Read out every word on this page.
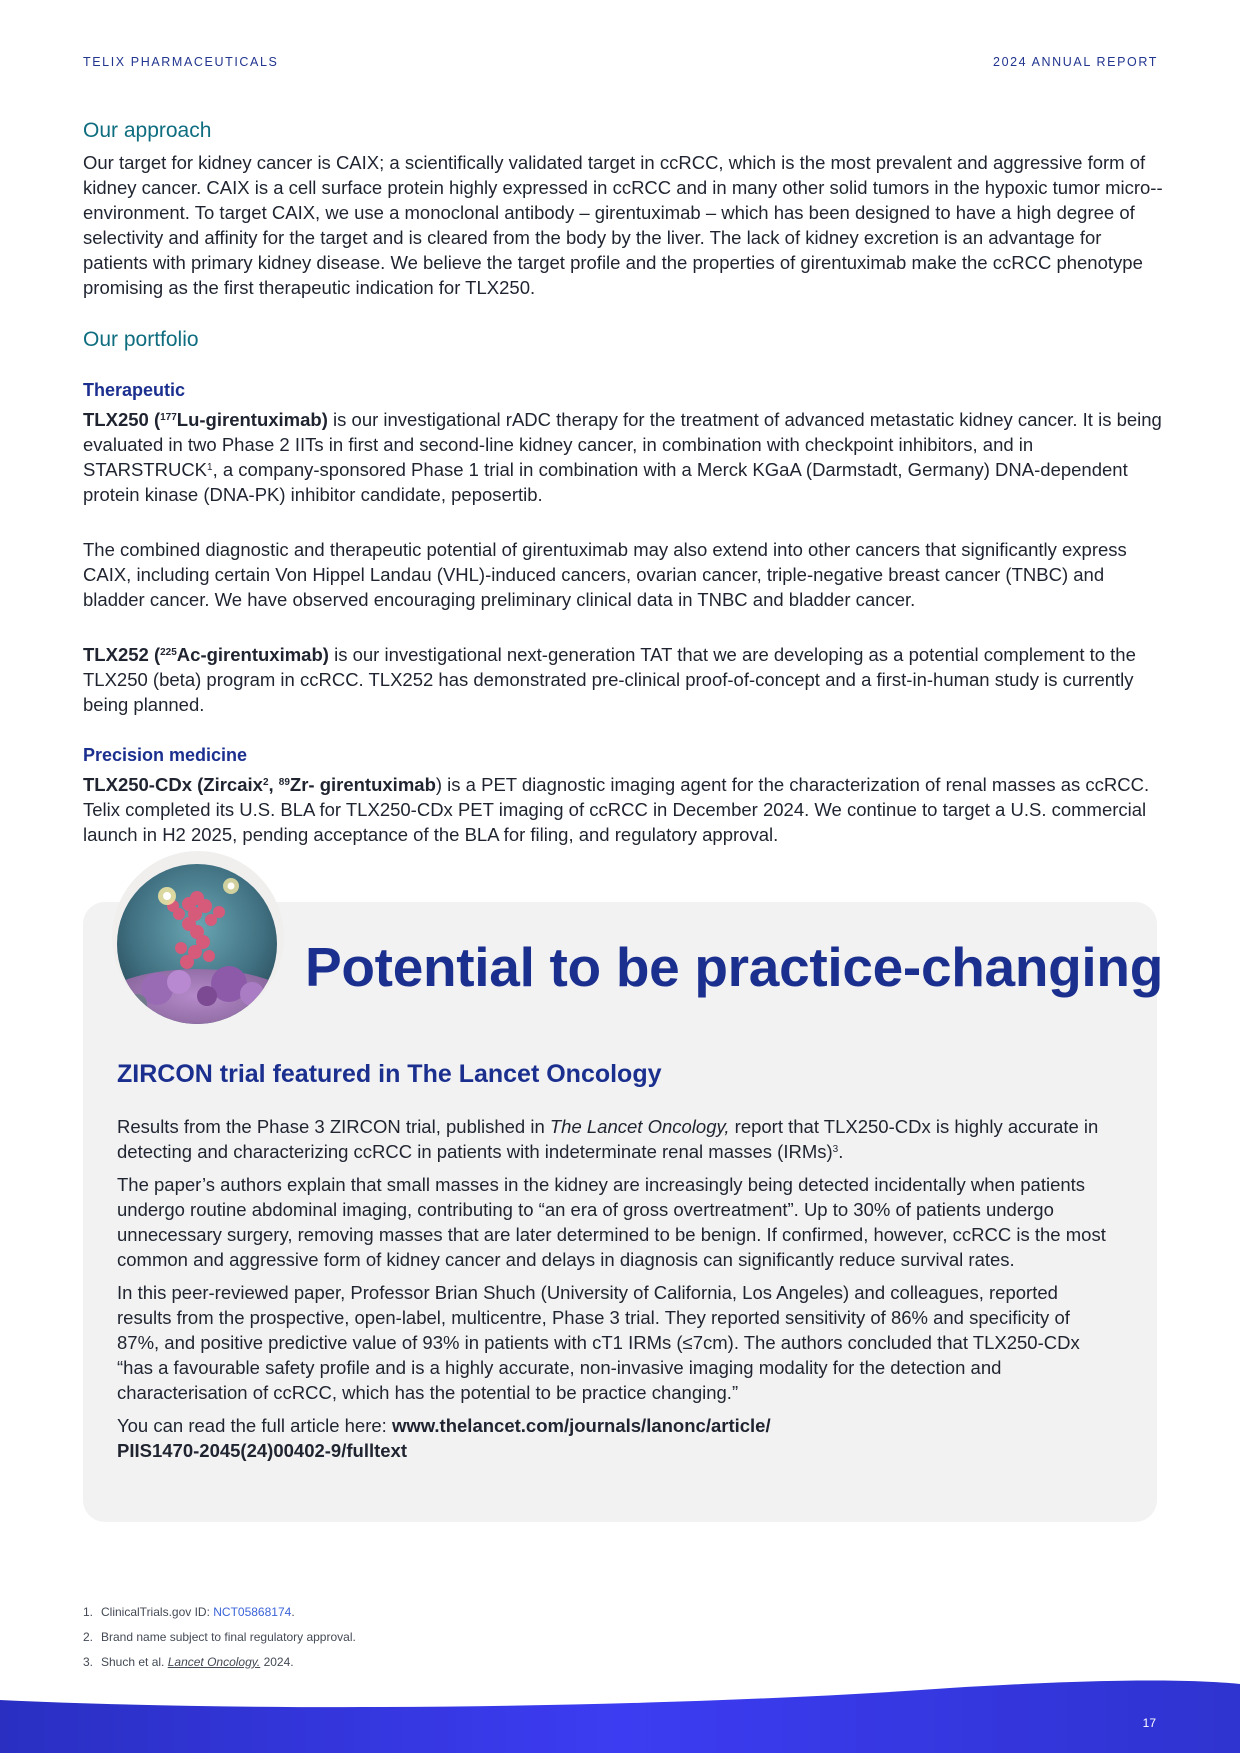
TELIX PHARMACEUTICALS	2024 ANNUAL REPORT
Our approach

Our target for kidney cancer is CAIX; a scientifically validated target in ccRCC, which is the most prevalent and aggressive form of kidney cancer. CAIX is a cell surface protein highly expressed in ccRCC and in many other solid tumors in the hypoxic tumor micro--environment. To target CAIX, we use a monoclonal antibody – girentuximab – which has been designed to have a high degree of selectivity and affinity for the target and is cleared from the body by the liver. The lack of kidney excretion is an advantage for patients with primary kidney disease. We believe the target profile and the properties of girentuximab make the ccRCC phenotype promising as the first therapeutic indication for TLX250.

Our portfolio
Therapeutic

TLX250 ($^{177}$Lu-girentuximab) is our investigational rADC therapy for the treatment of advanced metastatic kidney cancer. It is being evaluated in two Phase 2 IITs in first and second-line kidney cancer, in combination with checkpoint inhibitors, and in STARSTRUCK$^1$, a company-sponsored Phase 1 trial in combination with a Merck KGaA (Darmstadt, Germany) DNA-dependent protein kinase (DNA-PK) inhibitor candidate, peposertib.

The combined diagnostic and therapeutic potential of girentuximab may also extend into other cancers that significantly express CAIX, including certain Von Hippel Landau (VHL)-induced cancers, ovarian cancer, triple-negative breast cancer (TNBC) and bladder cancer. We have observed encouraging preliminary clinical data in TNBC and bladder cancer.

TLX252 ($^{225}$Ac-girentuximab) is our investigational next-generation TAT that we are developing as a potential complement to the TLX250 (beta) program in ccRCC. TLX252 has demonstrated pre-clinical proof-of-concept and a first-in-human study is currently being planned.

Precision medicine

TLX250-CDx (Zircaix$^2$, $^{89}$Zr- girentuximab) is a PET diagnostic imaging agent for the characterization of renal masses as ccRCC. Telix completed its U.S. BLA for TLX250-CDx PET imaging of ccRCC in December 2024. We continue to target a U.S. commercial launch in H2 2025, pending acceptance of the BLA for filing, and regulatory approval.

Potential to be practice-changing
ZIRCON trial featured in The Lancet Oncology

Results from the Phase 3 ZIRCON trial, published in The Lancet Oncology, report that TLX250-CDx is highly accurate in detecting and characterizing ccRCC in patients with indeterminate renal masses (IRMs)$^3$.

The paper’s authors explain that small masses in the kidney are increasingly being detected incidentally when patients undergo routine abdominal imaging, contributing to “an era of gross overtreatment”. Up to 30% of patients undergo unnecessary surgery, removing masses that are later determined to be benign. If confirmed, however, ccRCC is the most common and aggressive form of kidney cancer and delays in diagnosis can significantly reduce survival rates.

In this peer-reviewed paper, Professor Brian Shuch (University of California, Los Angeles) and colleagues, reported results from the prospective, open-label, multicentre, Phase 3 trial. They reported sensitivity of 86% and specificity of 87%, and positive predictive value of 93% in patients with cT1 IRMs (≤7cm). The authors concluded that TLX250-CDx “has a favourable safety profile and is a highly accurate, non-invasive imaging modality for the detection and characterisation of ccRCC, which has the potential to be practice changing.”

You can read the full article here: www.thelancet.com/journals/lanonc/article/
PIIS1470-2045(24)00402-9/fulltext

1. ClinicalTrials.gov ID: NCT05868174.
2. Brand name subject to final regulatory approval.
3. Shuch et al. Lancet Oncology. 2024.
17
